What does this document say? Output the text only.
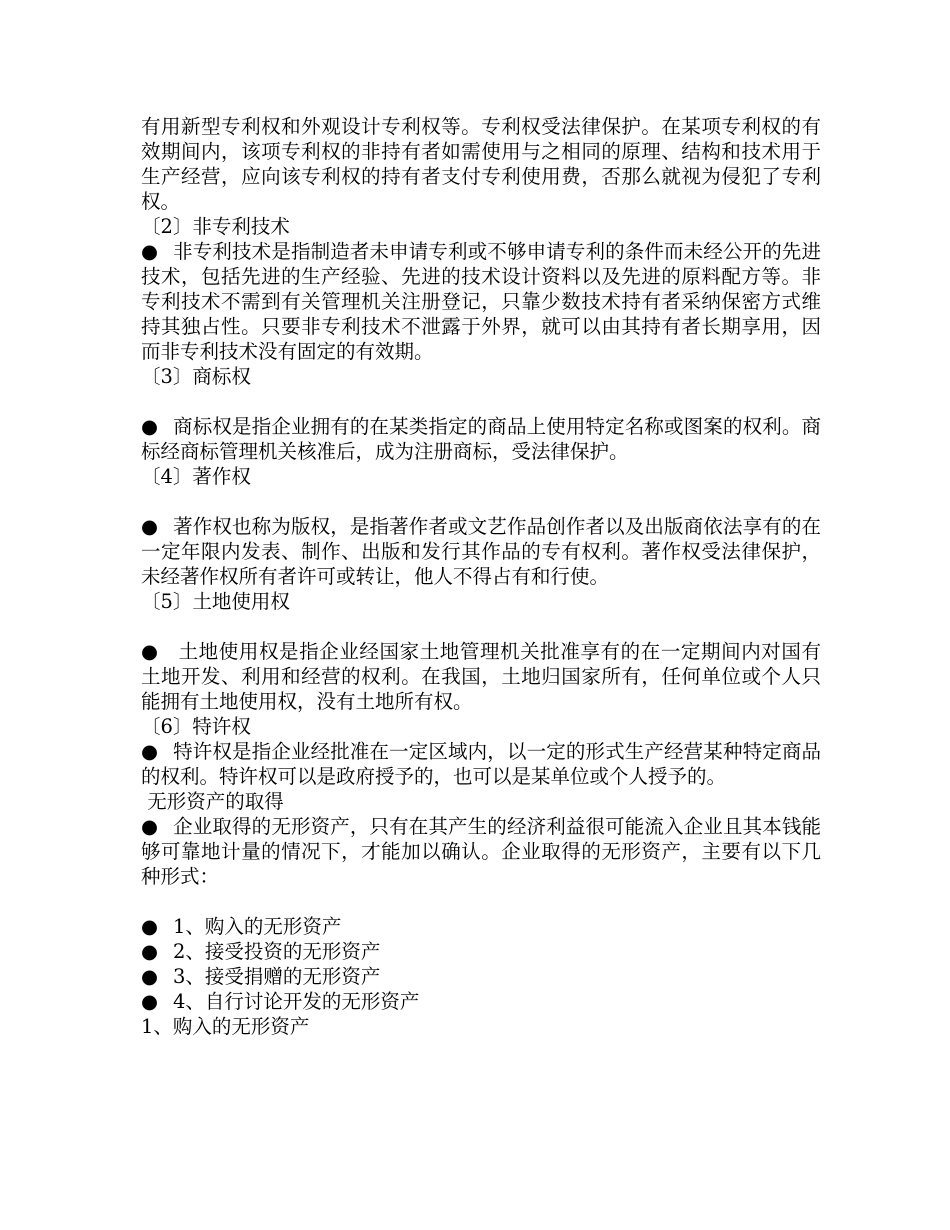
有用新型专利权和外观设计专利权等。专利权受法律保护。在某项专利权的有效期间内，该项专利权的非持有者如需使用与之相同的原理、结构和技术用于生产经营，应向该专利权的持有者支付专利使用费，否那么就视为侵犯了专利权。

〔2〕非专利技术

● 非专利技术是指制造者未申请专利或不够申请专利的条件而未经公开的先进技术，包括先进的生产经验、先进的技术设计资料以及先进的原料配方等。非专利技术不需到有关管理机关注册登记，只靠少数技术持有者采纳保密方式维持其独占性。只要非专利技术不泄露于外界，就可以由其持有者长期享用，因而非专利技术没有固定的有效期。

〔3〕商标权

● 商标权是指企业拥有的在某类指定的商品上使用特定名称或图案的权利。商标经商标管理机关核准后，成为注册商标，受法律保护。

〔4〕著作权

● 著作权也称为版权，是指著作者或文艺作品创作者以及出版商依法享有的在一定年限内发表、制作、出版和发行其作品的专有权利。著作权受法律保护，未经著作权所有者许可或转让，他人不得占有和行使。

〔5〕土地使用权

● 土地使用权是指企业经国家土地管理机关批准享有的在一定期间内对国有土地开发、利用和经营的权利。在我国，土地归国家所有，任何单位或个人只能拥有土地使用权，没有土地所有权。

〔6〕特许权

● 特许权是指企业经批准在一定区域内，以一定的形式生产经营某种特定商品的权利。特许权可以是政府授予的，也可以是某单位或个人授予的。

无形资产的取得

● 企业取得的无形资产，只有在其产生的经济利益很可能流入企业且其本钱能够可靠地计量的情况下，才能加以确认。企业取得的无形资产，主要有以下几种形式：

● 1、购入的无形资产

● 2、接受投资的无形资产

● 3、接受捐赠的无形资产

● 4、自行讨论开发的无形资产

1、购入的无形资产
